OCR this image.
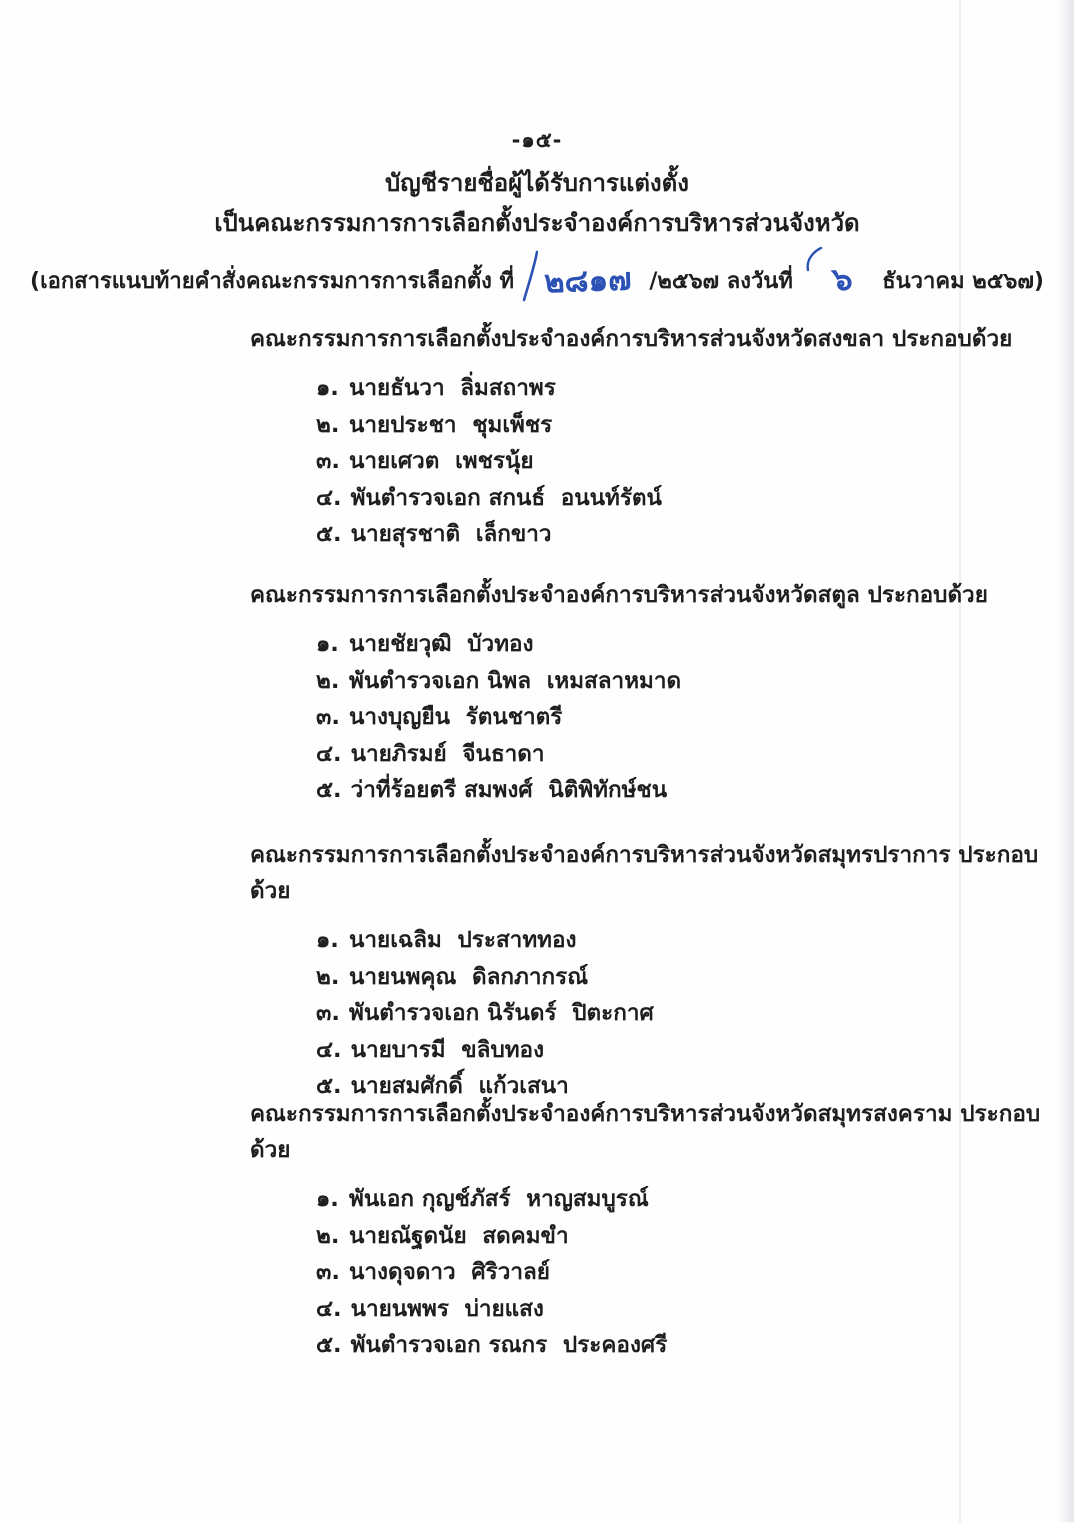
-๑๕-
บัญชีรายชื่อผู้ได้รับการแต่งตั้ง
เป็นคณะกรรมการการเลือกตั้งประจำองค์การบริหารส่วนจังหวัด
(เอกสารแนบท้ายคำสั่งคณะกรรมการการเลือกตั้ง ที่ ๒๘๑๗ /๒๕๖๗ ลงวันที่ ๖ ธันวาคม ๒๕๖๗)
คณะกรรมการการเลือกตั้งประจำองค์การบริหารส่วนจังหวัดสงขลา ประกอบด้วย
๑. นายธันวา  ลิ่มสถาพร
๒. นายประชา  ชุมเพ็ชร
๓. นายเศวต  เพชรนุ้ย
๔. พันตำรวจเอก สกนธ์  อนนท์รัตน์
๕. นายสุรชาติ  เล็กขาว
คณะกรรมการการเลือกตั้งประจำองค์การบริหารส่วนจังหวัดสตูล ประกอบด้วย
๑. นายชัยวุฒิ  บัวทอง
๒. พันตำรวจเอก นิพล  เหมสลาหมาด
๓. นางบุญยืน  รัตนชาตรี
๔. นายภิรมย์  จีนธาดา
๕. ว่าที่ร้อยตรี สมพงศ์  นิติพิทักษ์ชน
คณะกรรมการการเลือกตั้งประจำองค์การบริหารส่วนจังหวัดสมุทรปราการ ประกอบด้วย
๑. นายเฉลิม  ประสาททอง
๒. นายนพคุณ  ดิลกภากรณ์
๓. พันตำรวจเอก นิรันดร์  ปิตะกาศ
๔. นายบารมี  ขลิบทอง
๕. นายสมศักดิ์  แก้วเสนา
คณะกรรมการการเลือกตั้งประจำองค์การบริหารส่วนจังหวัดสมุทรสงคราม ประกอบด้วย
๑. พันเอก กุญช์ภัสร์  หาญสมบูรณ์
๒. นายณัฐดนัย  สดคมขำ
๓. นางดุจดาว  ศิริวาลย์
๔. นายนพพร  บ่ายแสง
๕. พันตำรวจเอก รณกร  ประคองศรี
